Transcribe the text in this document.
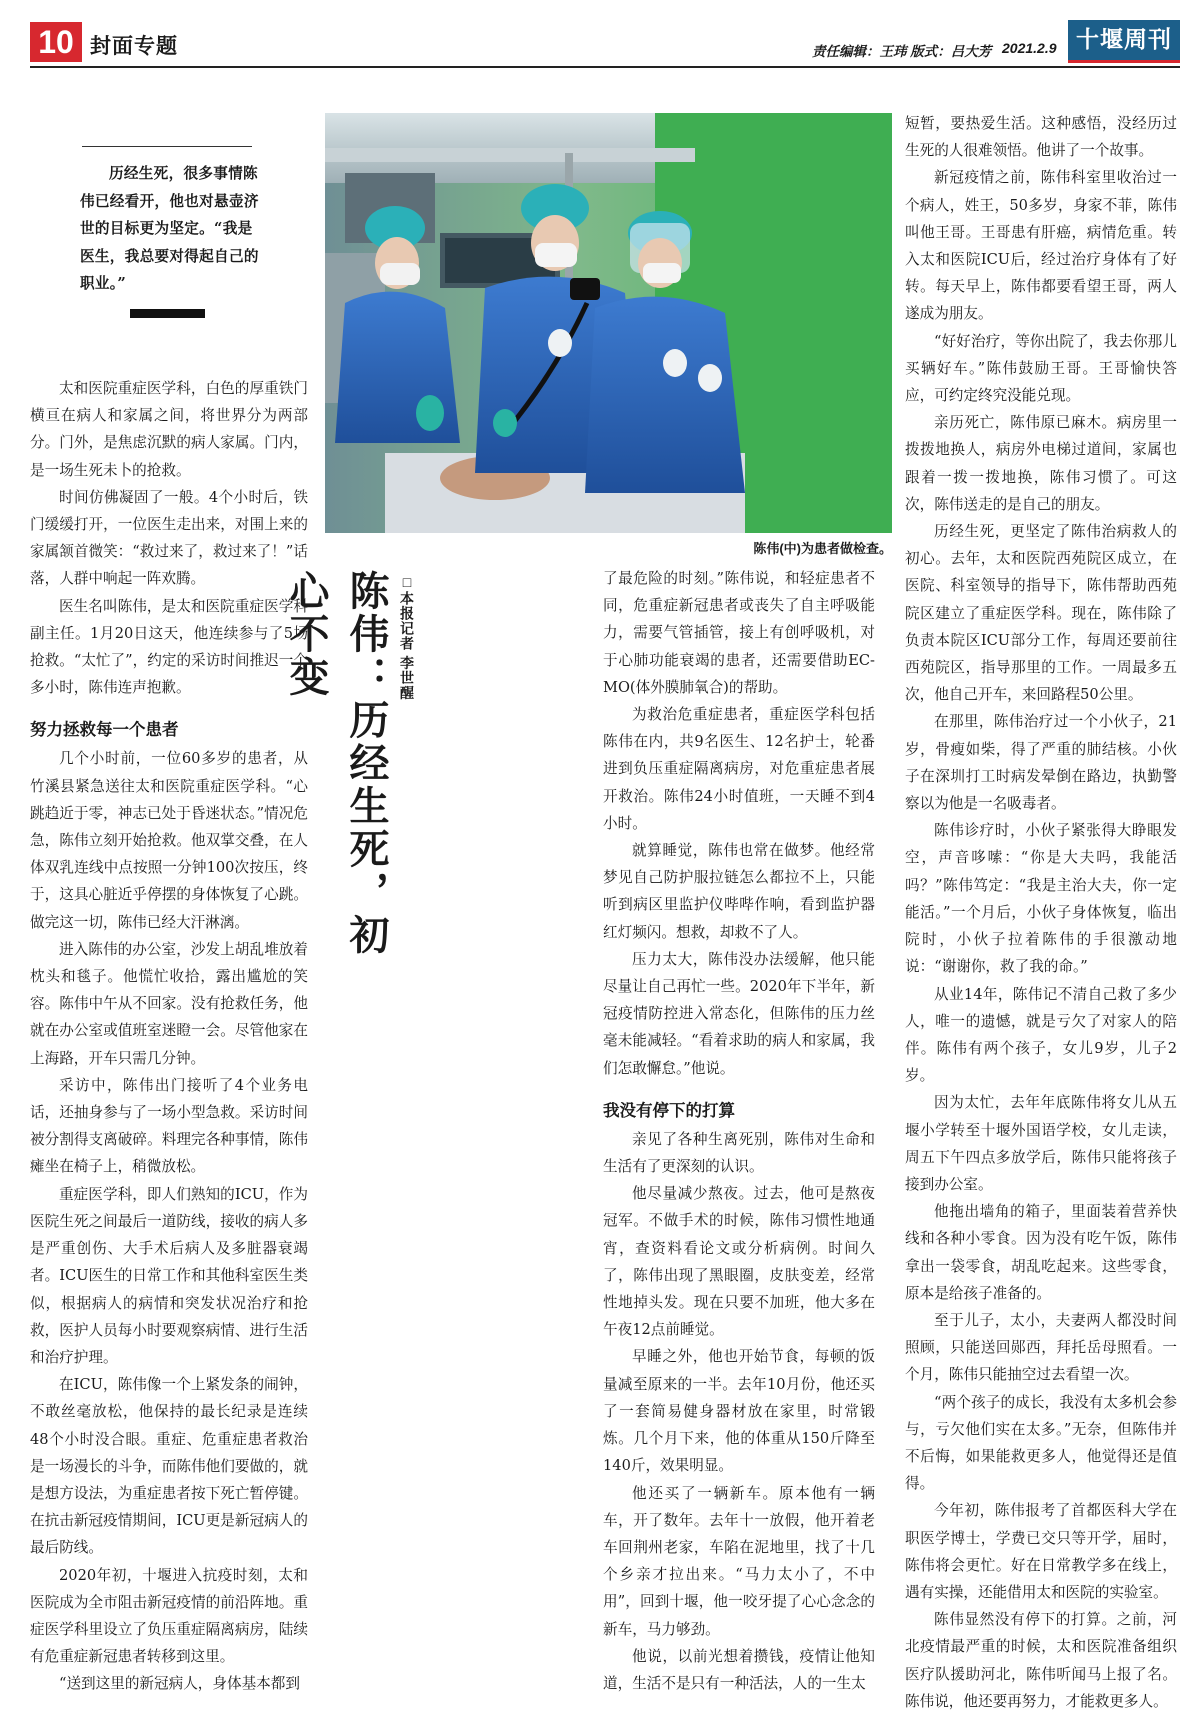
10 封面专题	责任编辑：王玮 版式：吕大芳 2021.2.9 十堰周刊

历经生死，很多事情陈伟已经看开，他也对悬壶济世的目标更为坚定。“我是医生，我总要对得起自己的职业。”

陈伟(中)为患者做检查。
陈伟：历经生死，初心不变	□本报记者 李世醒

太和医院重症医学科，白色的厚重铁门横亘在病人和家属之间，将世界分为两部分。门外，是焦虑沉默的病人家属。门内，是一场生死未卜的抢救。

时间仿佛凝固了一般。4个小时后，铁门缓缓打开，一位医生走出来，对围上来的家属颔首微笑：“救过来了，救过来了！”话落，人群中响起一阵欢腾。

医生名叫陈伟，是太和医院重症医学科副主任。1月20日这天，他连续参与了5场抢救。“太忙了”，约定的采访时间推迟一个多小时，陈伟连声抱歉。

努力拯救每一个患者

几个小时前，一位60多岁的患者，从竹溪县紧急送往太和医院重症医学科。“心跳趋近于零，神志已处于昏迷状态。”情况危急，陈伟立刻开始抢救。他双掌交叠，在人体双乳连线中点按照一分钟100次按压，终于，这具心脏近乎停摆的身体恢复了心跳。做完这一切，陈伟已经大汗淋漓。

进入陈伟的办公室，沙发上胡乱堆放着枕头和毯子。他慌忙收拾，露出尴尬的笑容。陈伟中午从不回家。没有抢救任务，他就在办公室或值班室迷瞪一会。尽管他家在上海路，开车只需几分钟。

采访中，陈伟出门接听了4个业务电话，还抽身参与了一场小型急救。采访时间被分割得支离破碎。料理完各种事情，陈伟瘫坐在椅子上，稍微放松。

重症医学科，即人们熟知的ICU，作为医院生死之间最后一道防线，接收的病人多是严重创伤、大手术后病人及多脏器衰竭者。ICU医生的日常工作和其他科室医生类似，根据病人的病情和突发状况治疗和抢救，医护人员每小时要观察病情、进行生活和治疗护理。

在ICU，陈伟像一个上紧发条的闹钟，不敢丝毫放松，他保持的最长纪录是连续48个小时没合眼。重症、危重症患者救治是一场漫长的斗争，而陈伟他们要做的，就是想方设法，为重症患者按下死亡暂停键。在抗击新冠疫情期间，ICU更是新冠病人的最后防线。

2020年初，十堰进入抗疫时刻，太和医院成为全市阻击新冠疫情的前沿阵地。重症医学科里设立了负压重症隔离病房，陆续有危重症新冠患者转移到这里。

“送到这里的新冠病人，身体基本都到

了最危险的时刻。”陈伟说，和轻症患者不同，危重症新冠患者或丧失了自主呼吸能力，需要气管插管，接上有创呼吸机，对于心肺功能衰竭的患者，还需要借助EC-MO(体外膜肺氧合)的帮助。

为救治危重症患者，重症医学科包括陈伟在内，共9名医生、12名护士，轮番进到负压重症隔离病房，对危重症患者展开救治。陈伟24小时值班，一天睡不到4小时。

就算睡觉，陈伟也常在做梦。他经常梦见自己防护服拉链怎么都拉不上，只能听到病区里监护仪哔哔作响，看到监护器红灯频闪。想救，却救不了人。

压力太大，陈伟没办法缓解，他只能尽量让自己再忙一些。2020年下半年，新冠疫情防控进入常态化，但陈伟的压力丝毫未能减轻。“看着求助的病人和家属，我们怎敢懈怠。”他说。

我没有停下的打算

亲见了各种生离死别，陈伟对生命和生活有了更深刻的认识。

他尽量减少熬夜。过去，他可是熬夜冠军。不做手术的时候，陈伟习惯性地通宵，查资料看论文或分析病例。时间久了，陈伟出现了黑眼圈，皮肤变差，经常性地掉头发。现在只要不加班，他大多在午夜12点前睡觉。

早睡之外，他也开始节食，每顿的饭量减至原来的一半。去年10月份，他还买了一套简易健身器材放在家里，时常锻炼。几个月下来，他的体重从150斤降至140斤，效果明显。

他还买了一辆新车。原本他有一辆车，开了数年。去年十一放假，他开着老车回荆州老家，车陷在泥地里，找了十几个乡亲才拉出来。“马力太小了，不中用”，回到十堰，他一咬牙提了心心念念的新车，马力够劲。

他说，以前光想着攒钱，疫情让他知道，生活不是只有一种活法，人的一生太

短暂，要热爱生活。这种感悟，没经历过生死的人很难领悟。他讲了一个故事。

新冠疫情之前，陈伟科室里收治过一个病人，姓王，50多岁，身家不菲，陈伟叫他王哥。王哥患有肝癌，病情危重。转入太和医院ICU后，经过治疗身体有了好转。每天早上，陈伟都要看望王哥，两人遂成为朋友。

“好好治疗，等你出院了，我去你那儿买辆好车。”陈伟鼓励王哥。王哥愉快答应，可约定终究没能兑现。

亲历死亡，陈伟原已麻木。病房里一拨拨地换人，病房外电梯过道间，家属也跟着一拨一拨地换，陈伟习惯了。可这次，陈伟送走的是自己的朋友。

历经生死，更坚定了陈伟治病救人的初心。去年，太和医院西苑院区成立，在医院、科室领导的指导下，陈伟帮助西苑院区建立了重症医学科。现在，陈伟除了负责本院区ICU部分工作，每周还要前往西苑院区，指导那里的工作。一周最多五次，他自己开车，来回路程50公里。

在那里，陈伟治疗过一个小伙子，21岁，骨瘦如柴，得了严重的肺结核。小伙子在深圳打工时病发晕倒在路边，执勤警察以为他是一名吸毒者。

陈伟诊疗时，小伙子紧张得大睁眼发空，声音哆嗦：“你是大夫吗，我能活吗？”陈伟笃定：“我是主治大夫，你一定能活。”一个月后，小伙子身体恢复，临出院时，小伙子拉着陈伟的手很激动地说：“谢谢你，救了我的命。”

从业14年，陈伟记不清自己救了多少人，唯一的遗憾，就是亏欠了对家人的陪伴。陈伟有两个孩子，女儿9岁，儿子2岁。

因为太忙，去年年底陈伟将女儿从五堰小学转至十堰外国语学校，女儿走读，周五下午四点多放学后，陈伟只能将孩子接到办公室。

他拖出墙角的箱子，里面装着营养快线和各种小零食。因为没有吃午饭，陈伟拿出一袋零食，胡乱吃起来。这些零食，原本是给孩子准备的。

至于儿子，太小，夫妻两人都没时间照顾，只能送回郧西，拜托岳母照看。一个月，陈伟只能抽空过去看望一次。

“两个孩子的成长，我没有太多机会参与，亏欠他们实在太多。”无奈，但陈伟并不后悔，如果能救更多人，他觉得还是值得。

今年初，陈伟报考了首都医科大学在职医学博士，学费已交只等开学，届时，陈伟将会更忙。好在日常教学多在线上，遇有实操，还能借用太和医院的实验室。

陈伟显然没有停下的打算。之前，河北疫情最严重的时候，太和医院准备组织医疗队援助河北，陈伟听闻马上报了名。陈伟说，他还要再努力，才能救更多人。
